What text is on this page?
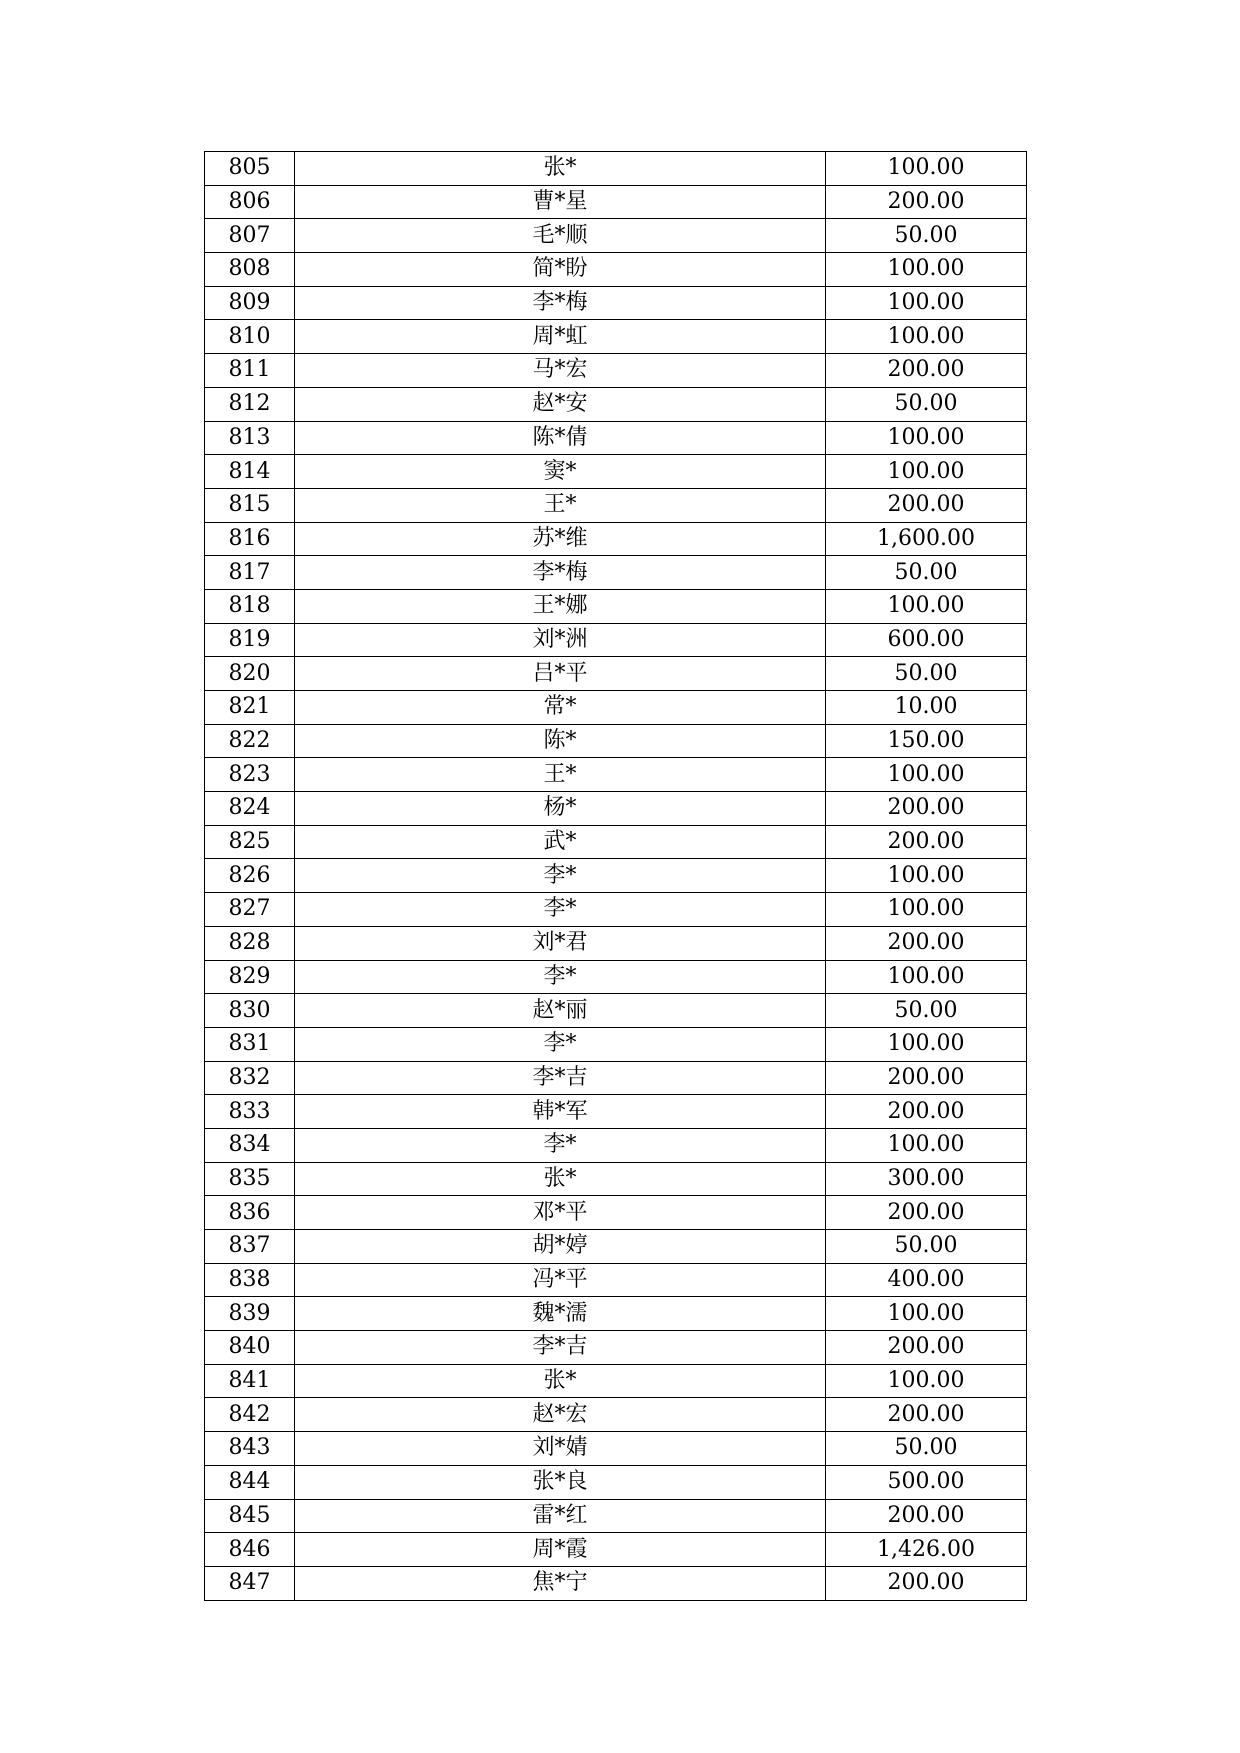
805	张*	100.00
806	曹*星	200.00
807	毛*顺	50.00
808	简*盼	100.00
809	李*梅	100.00
810	周*虹	100.00
811	马*宏	200.00
812	赵*安	50.00
813	陈*倩	100.00
814	窦*	100.00
815	王*	200.00
816	苏*维	1,600.00
817	李*梅	50.00
818	王*娜	100.00
819	刘*洲	600.00
820	吕*平	50.00
821	常*	10.00
822	陈*	150.00
823	王*	100.00
824	杨*	200.00
825	武*	200.00
826	李*	100.00
827	李*	100.00
828	刘*君	200.00
829	李*	100.00
830	赵*丽	50.00
831	李*	100.00
832	李*吉	200.00
833	韩*军	200.00
834	李*	100.00
835	张*	300.00
836	邓*平	200.00
837	胡*婷	50.00
838	冯*平	400.00
839	魏*濡	100.00
840	李*吉	200.00
841	张*	100.00
842	赵*宏	200.00
843	刘*婧	50.00
844	张*良	500.00
845	雷*红	200.00
846	周*霞	1,426.00
847	焦*宁	200.00
